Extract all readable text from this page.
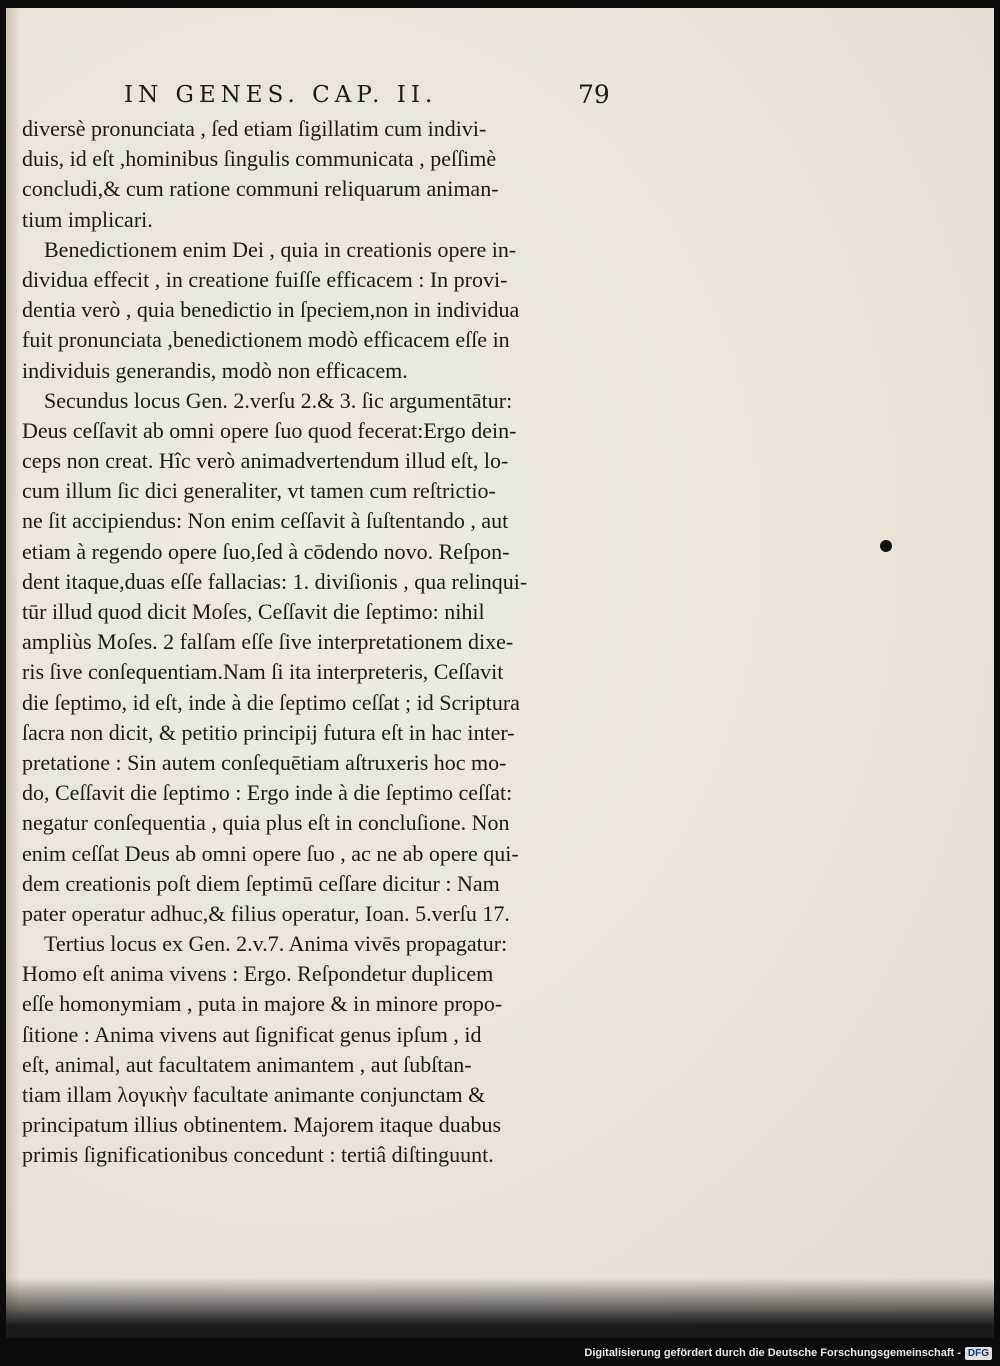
IN GENES. CAP. II.	79
diversè pronunciata , ſed etiam ſigillatim cum indivi-
duis, id eſt ,hominibus ſingulis communicata , peſſimè
concludi,& cum ratione communi reliquarum animan-
tium implicari.
Benedictionem enim Dei , quia in creationis opere in-
dividua effecit , in creatione fuiſſe efficacem : In provi-
dentia verò , quia benedictio in ſpeciem,non in individua
fuit pronunciata ,benedictionem modò efficacem eſſe in
individuis generandis, modò non efficacem.
Secundus locus Gen. 2.verſu 2.& 3. ſic argumentātur:
Deus ceſſavit ab omni opere ſuo quod fecerat:Ergo dein-
ceps non creat. Hîc verò animadvertendum illud eſt, lo-
cum illum ſic dici generaliter, vt tamen cum reſtrictio-
ne ſit accipiendus: Non enim ceſſavit à ſuſtentando , aut
etiam à regendo opere ſuo,ſed à cōdendo novo. Reſpon-
dent itaque,duas eſſe fallacias: 1. diviſionis , qua relinqui-
tūr illud quod dicit Moſes, Ceſſavit die ſeptimo: nihil
ampliùs Moſes. 2 falſam eſſe ſive interpretationem dixe-
ris ſive conſequentiam.Nam ſi ita interpreteris, Ceſſavit
die ſeptimo, id eſt, inde à die ſeptimo ceſſat ; id Scriptura
ſacra non dicit, & petitio principij futura eſt in hac inter-
pretatione : Sin autem conſequētiam aſtruxeris hoc mo-
do, Ceſſavit die ſeptimo : Ergo inde à die ſeptimo ceſſat:
negatur conſequentia , quia plus eſt in concluſione. Non
enim ceſſat Deus ab omni opere ſuo , ac ne ab opere qui-
dem creationis poſt diem ſeptimū ceſſare dicitur : Nam
pater operatur adhuc,& filius operatur, Ioan. 5.verſu 17.
Tertius locus ex Gen. 2.v.7. Anima vivēs propagatur:
Homo eſt anima vivens : Ergo. Reſpondetur duplicem
eſſe homonymiam , puta in majore & in minore propo-
ſitione : Anima vivens aut ſignificat genus ipſum , id
eſt, animal, aut facultatem animantem , aut ſubſtan-
tiam illam λογικὴν facultate animante conjunctam &
principatum illius obtinentem. Majorem itaque duabus
primis ſignificationibus concedunt : tertiâ diſtinguunt.
Digitalisierung gefördert durch die Deutsche Forschungsgemeinschaft - DFG
